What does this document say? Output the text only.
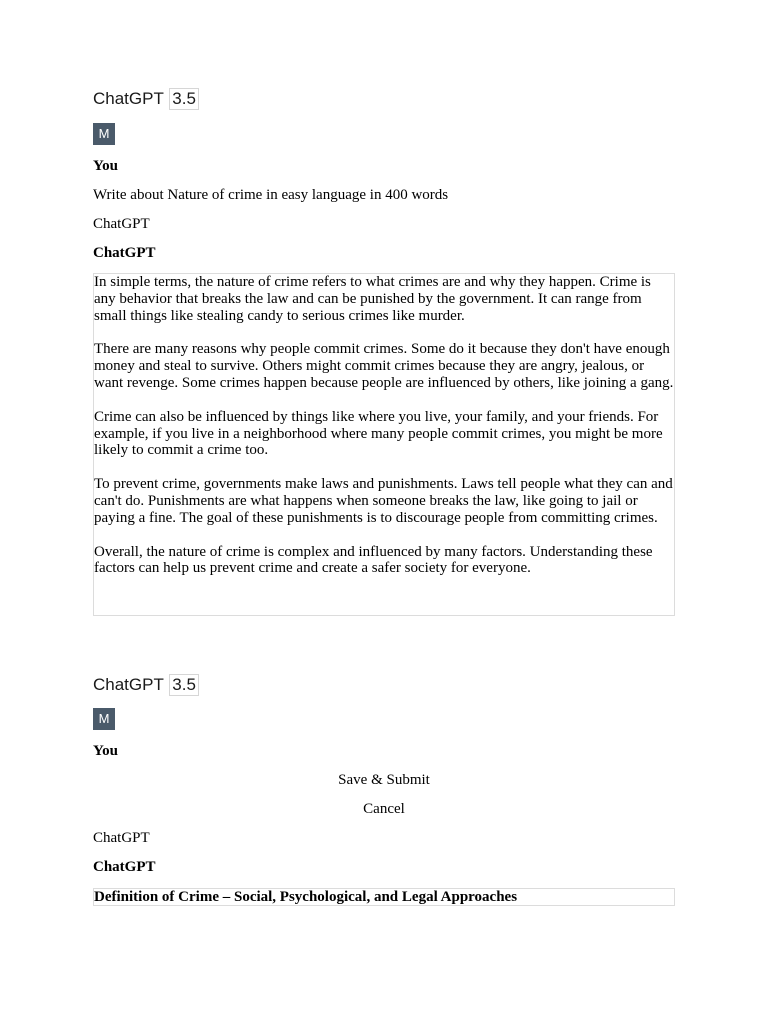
ChatGPT 3.5
M
You
Write about Nature of crime in easy language in 400 words
ChatGPT
ChatGPT

In simple terms, the nature of crime refers to what crimes are and why they happen. Crime is any behavior that breaks the law and can be punished by the government. It can range from small things like stealing candy to serious crimes like murder.

There are many reasons why people commit crimes. Some do it because they don't have enough money and steal to survive. Others might commit crimes because they are angry, jealous, or want revenge. Some crimes happen because people are influenced by others, like joining a gang.

Crime can also be influenced by things like where you live, your family, and your friends. For example, if you live in a neighborhood where many people commit crimes, you might be more likely to commit a crime too.

To prevent crime, governments make laws and punishments. Laws tell people what they can and can't do. Punishments are what happens when someone breaks the law, like going to jail or paying a fine. The goal of these punishments is to discourage people from committing crimes.

Overall, the nature of crime is complex and influenced by many factors. Understanding these factors can help us prevent crime and create a safer society for everyone.

ChatGPT 3.5
M
You
Save & Submit
Cancel
ChatGPT
ChatGPT
Definition of Crime – Social, Psychological, and Legal Approaches
